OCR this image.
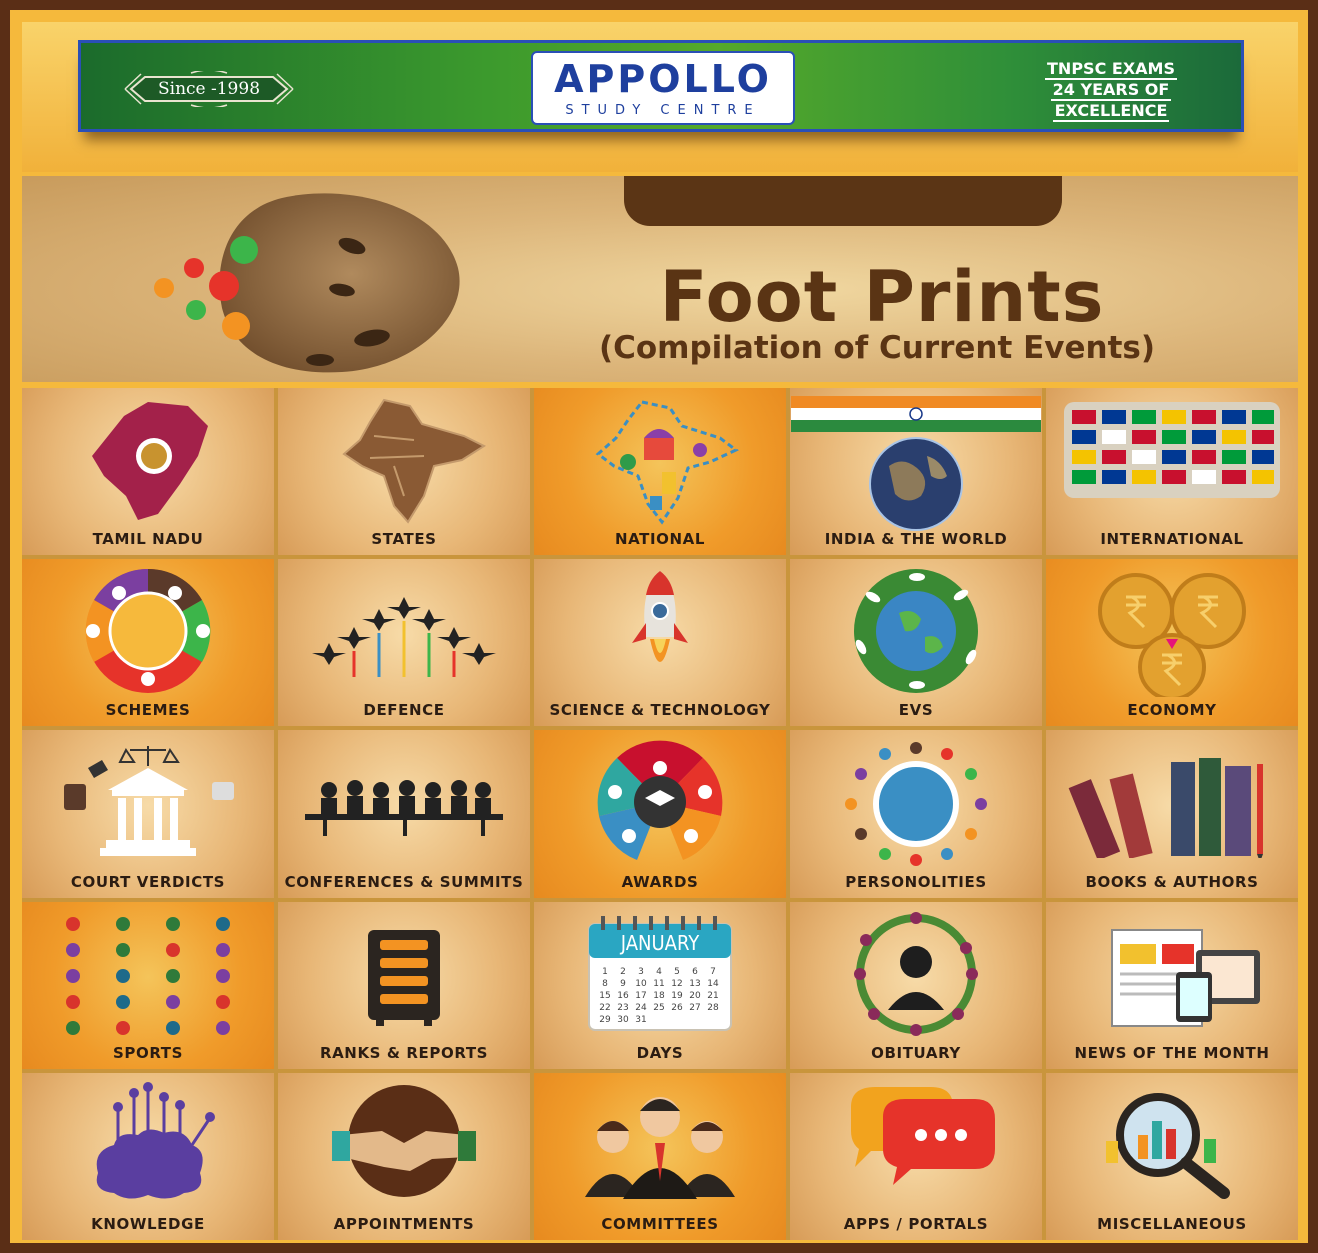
Since -1998	APPOLLO
STUDY CENTRE
TNPSC EXAMS
24 YEARS OF
EXCELLENCE
Foot Prints
(Compilation of Current Events)
TAMIL NADU	STATES	NATIONAL	INDIA & THE WORLD	INTERNATIONAL
SCHEMES	DEFENCE	SCIENCE & TECHNOLOGY	EVS	ECONOMY
COURT VERDICTS	CONFERENCES & SUMMITS	AWARDS	PERSONOLITIES	BOOKS & AUTHORS
SPORTS	RANKS & REPORTS
JANUARY
1 2 3 4 5 6 7
8 9 10 11 12 13 14
15 16 17 18 19 20 21
22 23 24 25 26 27 28
29 30 31
DAYS	OBITUARY	NEWS OF THE MONTH
KNOWLEDGE	APPOINTMENTS	COMMITTEES	APPS / PORTALS	MISCELLANEOUS
